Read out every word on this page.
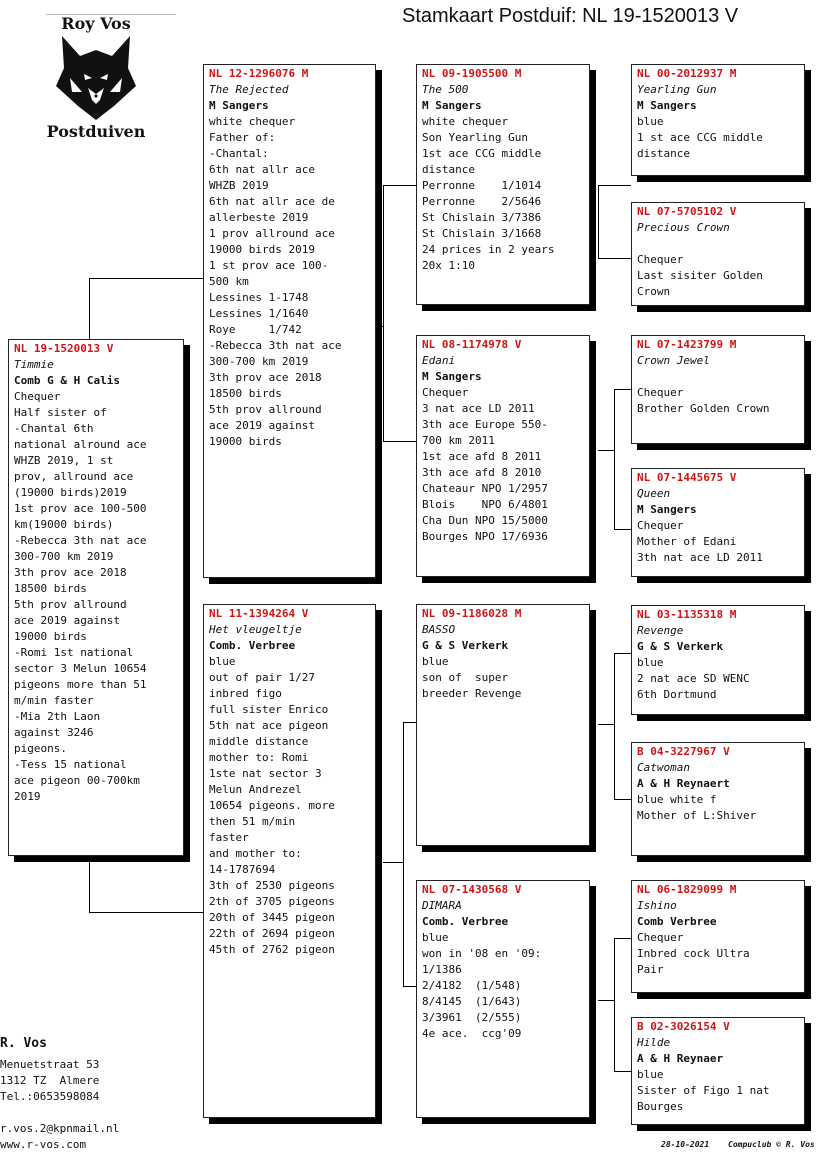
Stamkaart Postduif: NL 19-1520013 V
Roy Vos
Postduiven
NL 19-1520013 V
Timmie
Comb G & H Calis
Chequer
Half sister of
-Chantal 6th
national alround ace
WHZB 2019, 1 st
prov, allround ace
(19000 birds)2019
1st prov ace 100-500
km(19000 birds)
-Rebecca 3th nat ace
300-700 km 2019
3th prov ace 2018
18500 birds
5th prov allround
ace 2019 against
19000 birds
-Romi 1st national
sector 3 Melun 10654
pigeons more than 51
m/min faster
-Mia 2th Laon
against 3246
pigeons.
-Tess 15 national
ace pigeon 00-700km
2019
NL 12-1296076 M
The Rejected
M Sangers
white chequer
Father of:
-Chantal:
6th nat allr ace
WHZB 2019
6th nat allr ace de
allerbeste 2019
1 prov allround ace
19000 birds 2019
1 st prov ace 100-
500 km
Lessines 1-1748
Lessines 1/1640
Roye     1/742
-Rebecca 3th nat ace
300-700 km 2019
3th prov ace 2018
18500 birds
5th prov allround
ace 2019 against
19000 birds
NL 11-1394264 V
Het vleugeltje
Comb. Verbree
blue
out of pair 1/27
inbred figo
full sister Enrico
5th nat ace pigeon
middle distance
mother to: Romi
1ste nat sector 3
Melun Andrezel
10654 pigeons. more
then 51 m/min
faster
and mother to:
14-1787694
3th of 2530 pigeons
2th of 3705 pigeons
20th of 3445 pigeon
22th of 2694 pigeon
45th of 2762 pigeon
NL 09-1905500 M
The 500
M Sangers
white chequer
Son Yearling Gun
1st ace CCG middle
distance
Perronne    1/1014
Perronne    2/5646
St Chislain 3/7386
St Chislain 3/1668
24 prices in 2 years
20x 1:10
NL 08-1174978 V
Edani
M Sangers
Chequer
3 nat ace LD 2011
3th ace Europe 550-
700 km 2011
1st ace afd 8 2011
3th ace afd 8 2010
Chateaur NPO 1/2957
Blois    NPO 6/4801
Cha Dun NPO 15/5000
Bourges NPO 17/6936
NL 09-1186028 M
BASSO
G & S Verkerk
blue
son of  super
breeder Revenge
NL 07-1430568 V
DIMARA
Comb. Verbree
blue
won in '08 en '09:
1/1386
2/4182  (1/548)
8/4145  (1/643)
3/3961  (2/555)
4e ace.  ccg'09
NL 00-2012937 M
Yearling Gun
M Sangers
blue
1 st ace CCG middle
distance
NL 07-5705102 V
Precious Crown
Chequer
Last sisiter Golden
Crown
NL 07-1423799 M
Crown Jewel
Chequer
Brother Golden Crown
NL 07-1445675 V
Queen
M Sangers
Chequer
Mother of Edani
3th nat ace LD 2011
NL 03-1135318 M
Revenge
G & S Verkerk
blue
2 nat ace SD WENC
6th Dortmund
B 04-3227967 V
Catwoman
A & H Reynaert
blue white f
Mother of L:Shiver
NL 06-1829099 M
Ishino
Comb Verbree
Chequer
Inbred cock Ultra
Pair
B 02-3026154 V
Hilde
A & H Reynaer
blue
Sister of Figo 1 nat
Bourges
R. Vos
Menuetstraat 53
1312 TZ  Almere
Tel.:0653598084
r.vos.2@kpnmail.nl
www.r-vos.com	28-10-2021 Compuclub © R. Vos
